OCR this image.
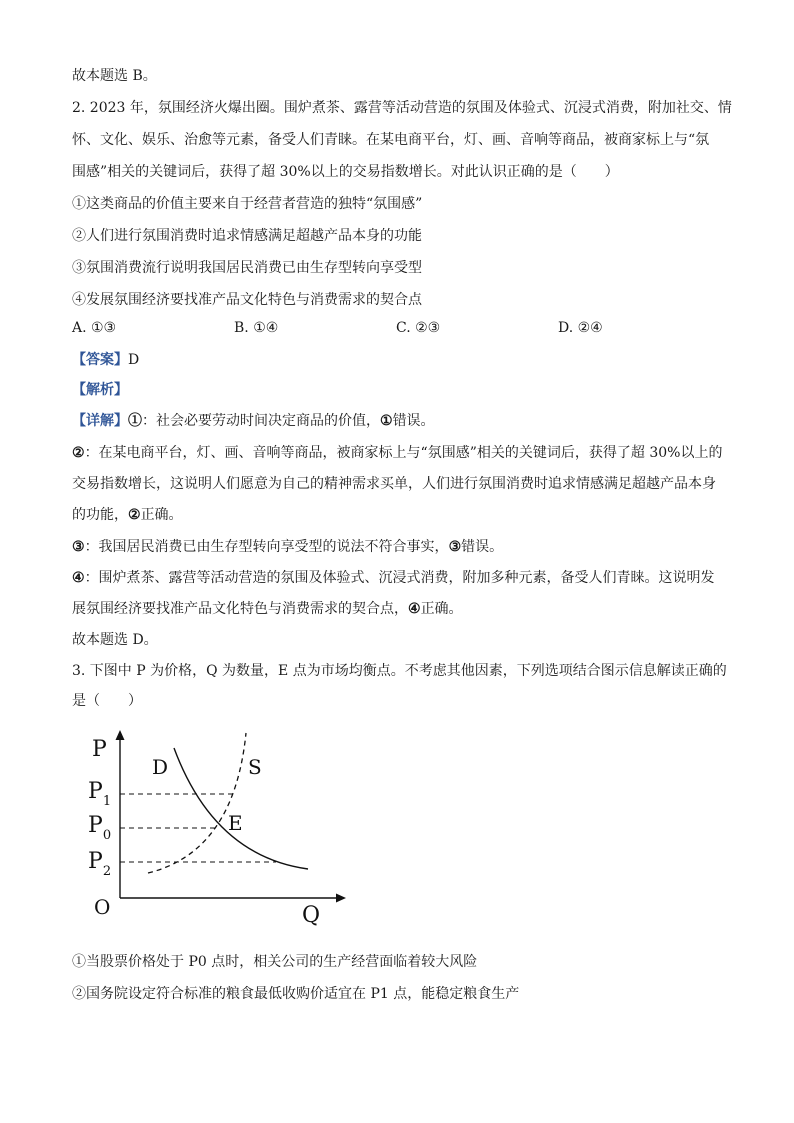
故本题选 B。
2. 2023 年，氛围经济火爆出圈。围炉煮茶、露营等活动营造的氛围及体验式、沉浸式消费，附加社交、情
怀、文化、娱乐、治愈等元素，备受人们青睐。在某电商平台，灯、画、音响等商品，被商家标上与“氛
围感”相关的关键词后，获得了超 30%以上的交易指数增长。对此认识正确的是（　　）
①这类商品的价值主要来自于经营者营造的独特“氛围感”
②人们进行氛围消费时追求情感满足超越产品本身的功能
③氛围消费流行说明我国居民消费已由生存型转向享受型
④发展氛围经济要找准产品文化特色与消费需求的契合点
A. ①③	B. ①④	C. ②③	D. ②④
【答案】D
【解析】
【详解】①：社会必要劳动时间决定商品的价值，①错误。
②：在某电商平台，灯、画、音响等商品，被商家标上与“氛围感”相关的关键词后，获得了超 30%以上的
交易指数增长，这说明人们愿意为自己的精神需求买单，人们进行氛围消费时追求情感满足超越产品本身
的功能，②正确。
③：我国居民消费已由生存型转向享受型的说法不符合事实，③错误。
④：围炉煮茶、露营等活动营造的氛围及体验式、沉浸式消费，附加多种元素，备受人们青睐。这说明发
展氛围经济要找准产品文化特色与消费需求的契合点，④正确。
故本题选 D。
3. 下图中 P 为价格，Q 为数量，E 点为市场均衡点。不考虑其他因素，下列选项结合图示信息解读正确的
是（　　）
P
Q
O
D	S
E
$P_1$
$P_0$
$P_2$
①当股票价格处于 P0 点时，相关公司的生产经营面临着较大风险
②国务院设定符合标准的粮食最低收购价适宜在 P1 点，能稳定粮食生产
